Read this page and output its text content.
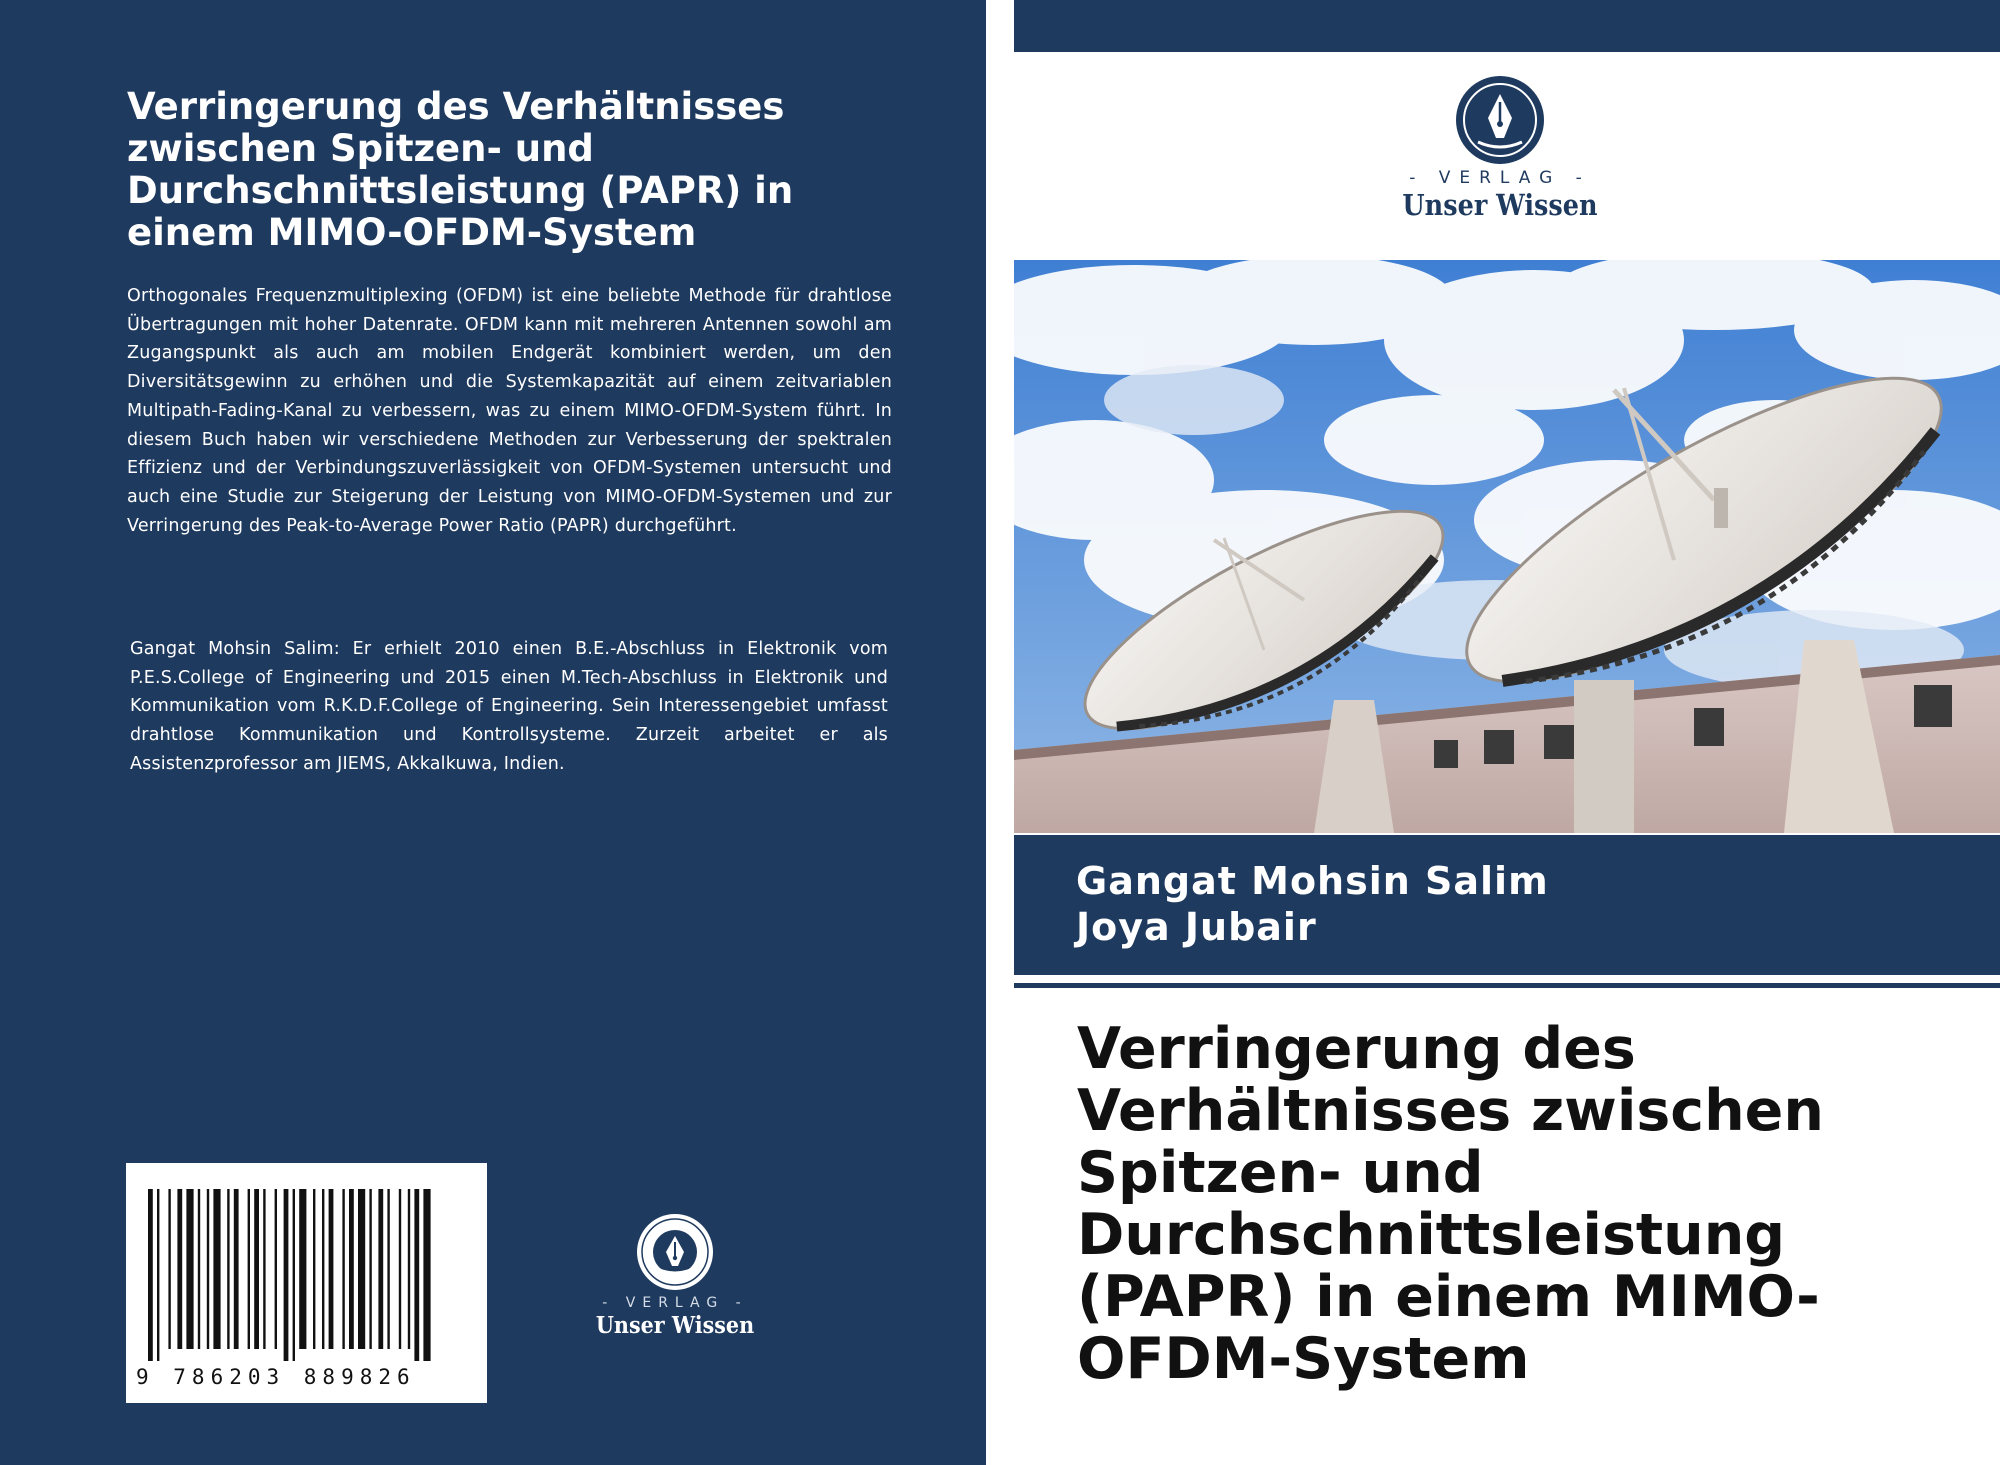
Verringerung des Verhältnisses zwischen Spitzen- und Durchschnittsleistung (PAPR) in einem MIMO-OFDM-System

Orthogonales Frequenzmultiplexing (OFDM) ist eine beliebte Methode für drahtlose Übertragungen mit hoher Datenrate. OFDM kann mit mehreren Antennen sowohl am Zugangspunkt als auch am mobilen Endgerät kombiniert werden, um den Diversitätsgewinn zu erhöhen und die Systemkapazität auf einem zeitvariablen Multipath-Fading-Kanal zu verbessern, was zu einem MIMO-OFDM-System führt. In diesem Buch haben wir verschiedene Methoden zur Verbesserung der spektralen Effizienz und der Verbindungszuverlässigkeit von OFDM-Systemen untersucht und auch eine Studie zur Steigerung der Leistung von MIMO-OFDM-Systemen und zur Verringerung des Peak-to-Average Power Ratio (PAPR) durchgeführt.

Gangat Mohsin Salim: Er erhielt 2010 einen B.E.-Abschluss in Elektronik vom P.E.S.College of Engineering und 2015 einen M.Tech-Abschluss in Elektronik und Kommunikation vom R.K.D.F.College of Engineering. Sein Interessengebiet umfasst drahtlose Kommunikation und Kontrollsysteme. Zurzeit arbeitet er als Assistenzprofessor am JIEMS, Akkalkuwa, Indien.

9 786203 889826
- VERLAG -
Unser Wissen
- VERLAG -
Unser Wissen

Gangat Mohsin Salim

Joya Jubair

Verringerung des Verhältnisses zwischen Spitzen- und Durchschnittsleistung (PAPR) in einem MIMO-OFDM-System
